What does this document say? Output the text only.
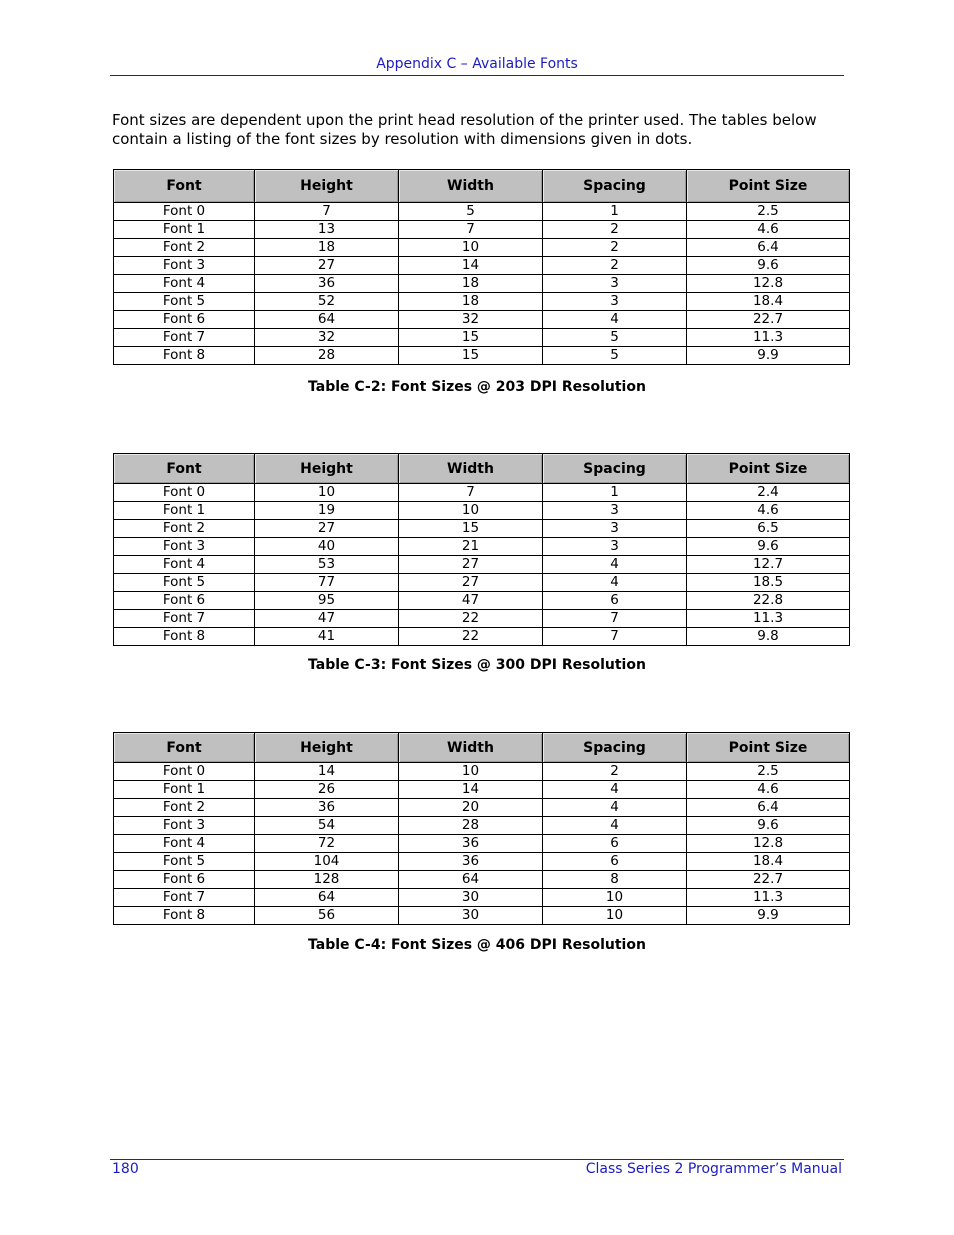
Appendix C – Available Fonts

Font sizes are dependent upon the print head resolution of the printer used. The tables below contain a listing of the font sizes by resolution with dimensions given in dots.

Font	Height	Width	Spacing	Point Size
Font 0	7	5	1	2.5
Font 1	13	7	2	4.6
Font 2	18	10	2	6.4
Font 3	27	14	2	9.6
Font 4	36	18	3	12.8
Font 5	52	18	3	18.4
Font 6	64	32	4	22.7
Font 7	32	15	5	11.3
Font 8	28	15	5	9.9
Table C-2: Font Sizes @ 203 DPI Resolution
Font	Height	Width	Spacing	Point Size
Font 0	10	7	1	2.4
Font 1	19	10	3	4.6
Font 2	27	15	3	6.5
Font 3	40	21	3	9.6
Font 4	53	27	4	12.7
Font 5	77	27	4	18.5
Font 6	95	47	6	22.8
Font 7	47	22	7	11.3
Font 8	41	22	7	9.8
Table C-3: Font Sizes @ 300 DPI Resolution
Font	Height	Width	Spacing	Point Size
Font 0	14	10	2	2.5
Font 1	26	14	4	4.6
Font 2	36	20	4	6.4
Font 3	54	28	4	9.6
Font 4	72	36	6	12.8
Font 5	104	36	6	18.4
Font 6	128	64	8	22.7
Font 7	64	30	10	11.3
Font 8	56	30	10	9.9
Table C-4: Font Sizes @ 406 DPI Resolution
180	Class Series 2 Programmer’s Manual
